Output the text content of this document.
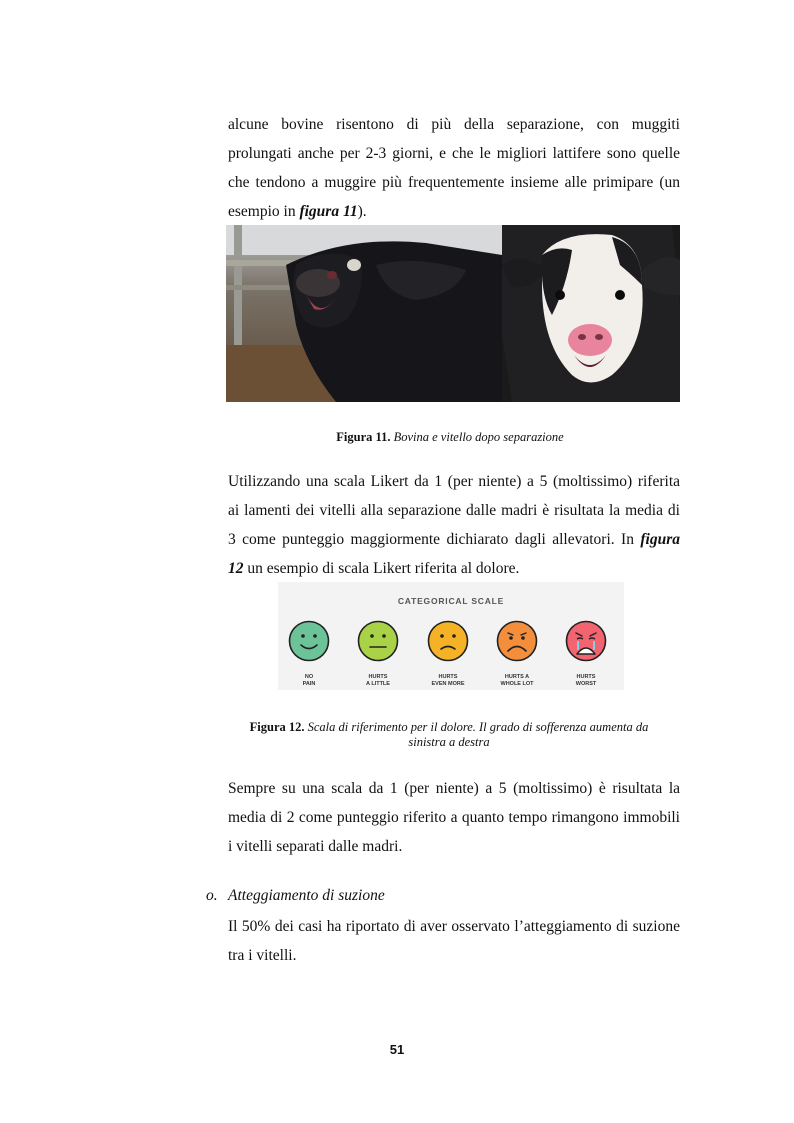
alcune bovine risentono di più della separazione, con muggiti
prolungati anche per 2-3 giorni, e che le migliori lattifere sono quelle
che tendono a muggire più frequentemente insieme alle primipare (un
esempio in figura 11).

Figura 11. Bovina e vitello dopo separazione

Utilizzando una scala Likert da 1 (per niente) a 5 (moltissimo) riferita
ai lamenti dei vitelli alla separazione dalle madri è risultata la media di
3 come punteggio maggiormente dichiarato dagli allevatori. In figura
12 un esempio di scala Likert riferita al dolore.
CATEGORICAL SCALE
NO
PAIN
HURTS
A LITTLE
HURTS
EVEN MORE
HURTS A
WHOLE LOT
HURTS
WORST
Figura 12. Scala di riferimento per il dolore. Il grado di sofferenza aumenta da
sinistra a destra
Sempre su una scala da 1 (per niente) a 5 (moltissimo) è risultata la
media di 2 come punteggio riferito a quanto tempo rimangono immobili
i vitelli separati dalle madri.
o. Atteggiamento di suzione
Il 50% dei casi ha riportato di aver osservato l’atteggiamento di suzione
tra i vitelli.
51
